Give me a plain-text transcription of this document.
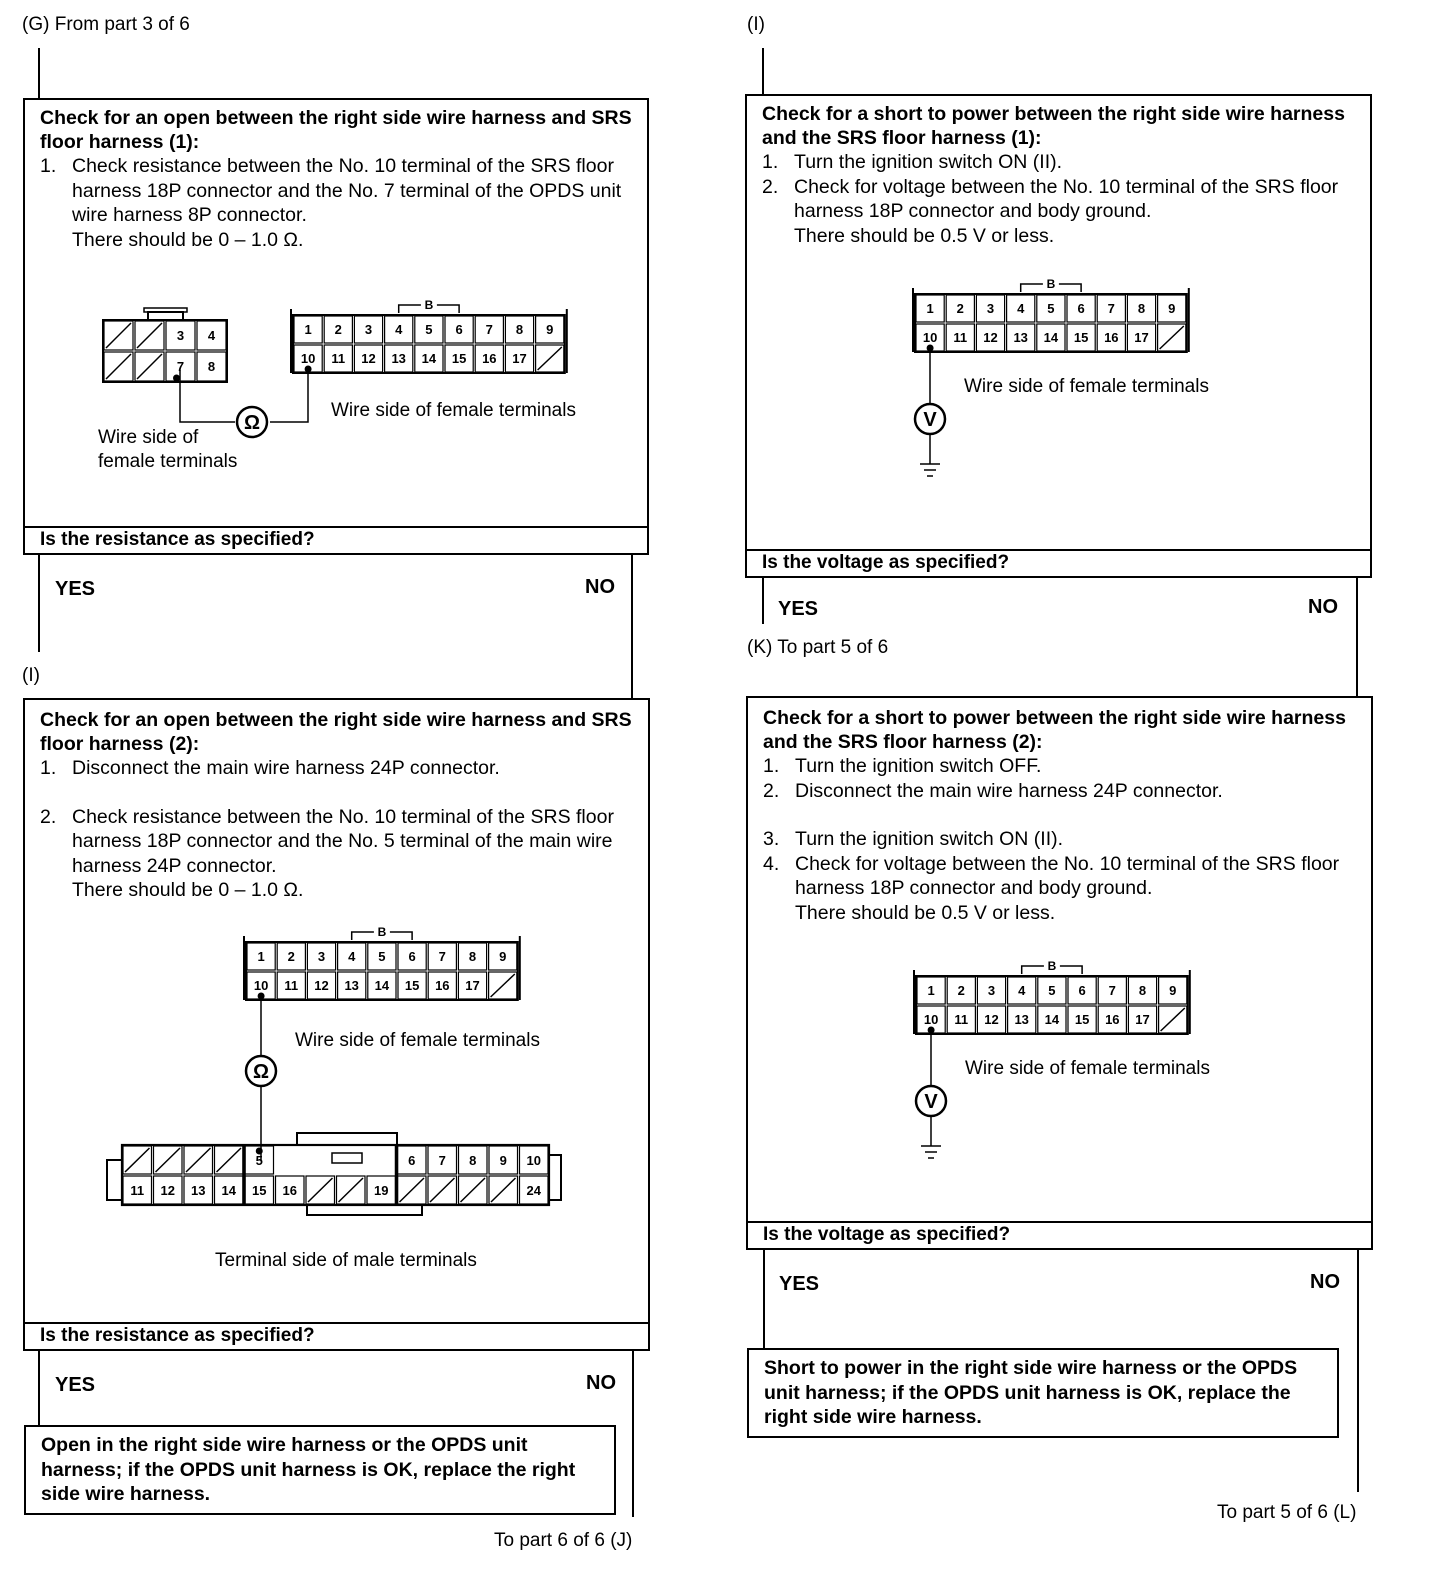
(G) From part 3 of 6	(I)
Check for an open between the right side wire harness and SRS floor harness (1):
1. Check resistance between the No. 10 terminal of the SRS floor harness 18P connector and the No. 7 terminal of the OPDS unit wire harness 8P connector.
There should be 0 – 1.0 Ω.
3 4
7 8
1 2 3 4 5 6 7 8 9
10 11 12 13 14 15 16 17
B
Ω
Wire side of female terminals
Wire side of
female terminals
Is the resistance as specified?
YES	NO
(I)
Check for an open between the right side wire harness and SRS floor harness (2):
1. Disconnect the main wire harness 24P connector.
2. Check resistance between the No. 10 terminal of the SRS floor harness 18P connector and the No. 5 terminal of the main wire harness 24P connector.
There should be 0 – 1.0 Ω.
1 2 3 4 5 6 7 8 9
10 11 12 13 14 15 16 17
B
Ω
5	6 7 8 9 10
11 12 13 14 15 16	19	24
Wire side of female terminals
Terminal side of male terminals
Is the resistance as specified?
YES	NO
Open in the right side wire harness or the OPDS unit harness; if the OPDS unit harness is OK, replace the right side wire harness.
To part 6 of 6 (J)
Check for a short to power between the right side wire harness and the SRS floor harness (1):
1. Turn the ignition switch ON (II).
2. Check for voltage between the No. 10 terminal of the SRS floor harness 18P connector and body ground.
There should be 0.5 V or less.
1 2 3 4 5 6 7 8 9
10 11 12 13 14 15 16 17
B
V
Wire side of female terminals
Is the voltage as specified?
YES	NO
(K) To part 5 of 6
Check for a short to power between the right side wire harness and the SRS floor harness (2):
1. Turn the ignition switch OFF.
2. Disconnect the main wire harness 24P connector.
3. Turn the ignition switch ON (II).
4. Check for voltage between the No. 10 terminal of the SRS floor harness 18P connector and body ground.
There should be 0.5 V or less.
1 2 3 4 5 6 7 8 9
10 11 12 13 14 15 16 17
B
V
Wire side of female terminals
Is the voltage as specified?
YES	NO
Short to power in the right side wire harness or the OPDS unit harness; if the OPDS unit harness is OK, replace the right side wire harness.
To part 5 of 6 (L)
